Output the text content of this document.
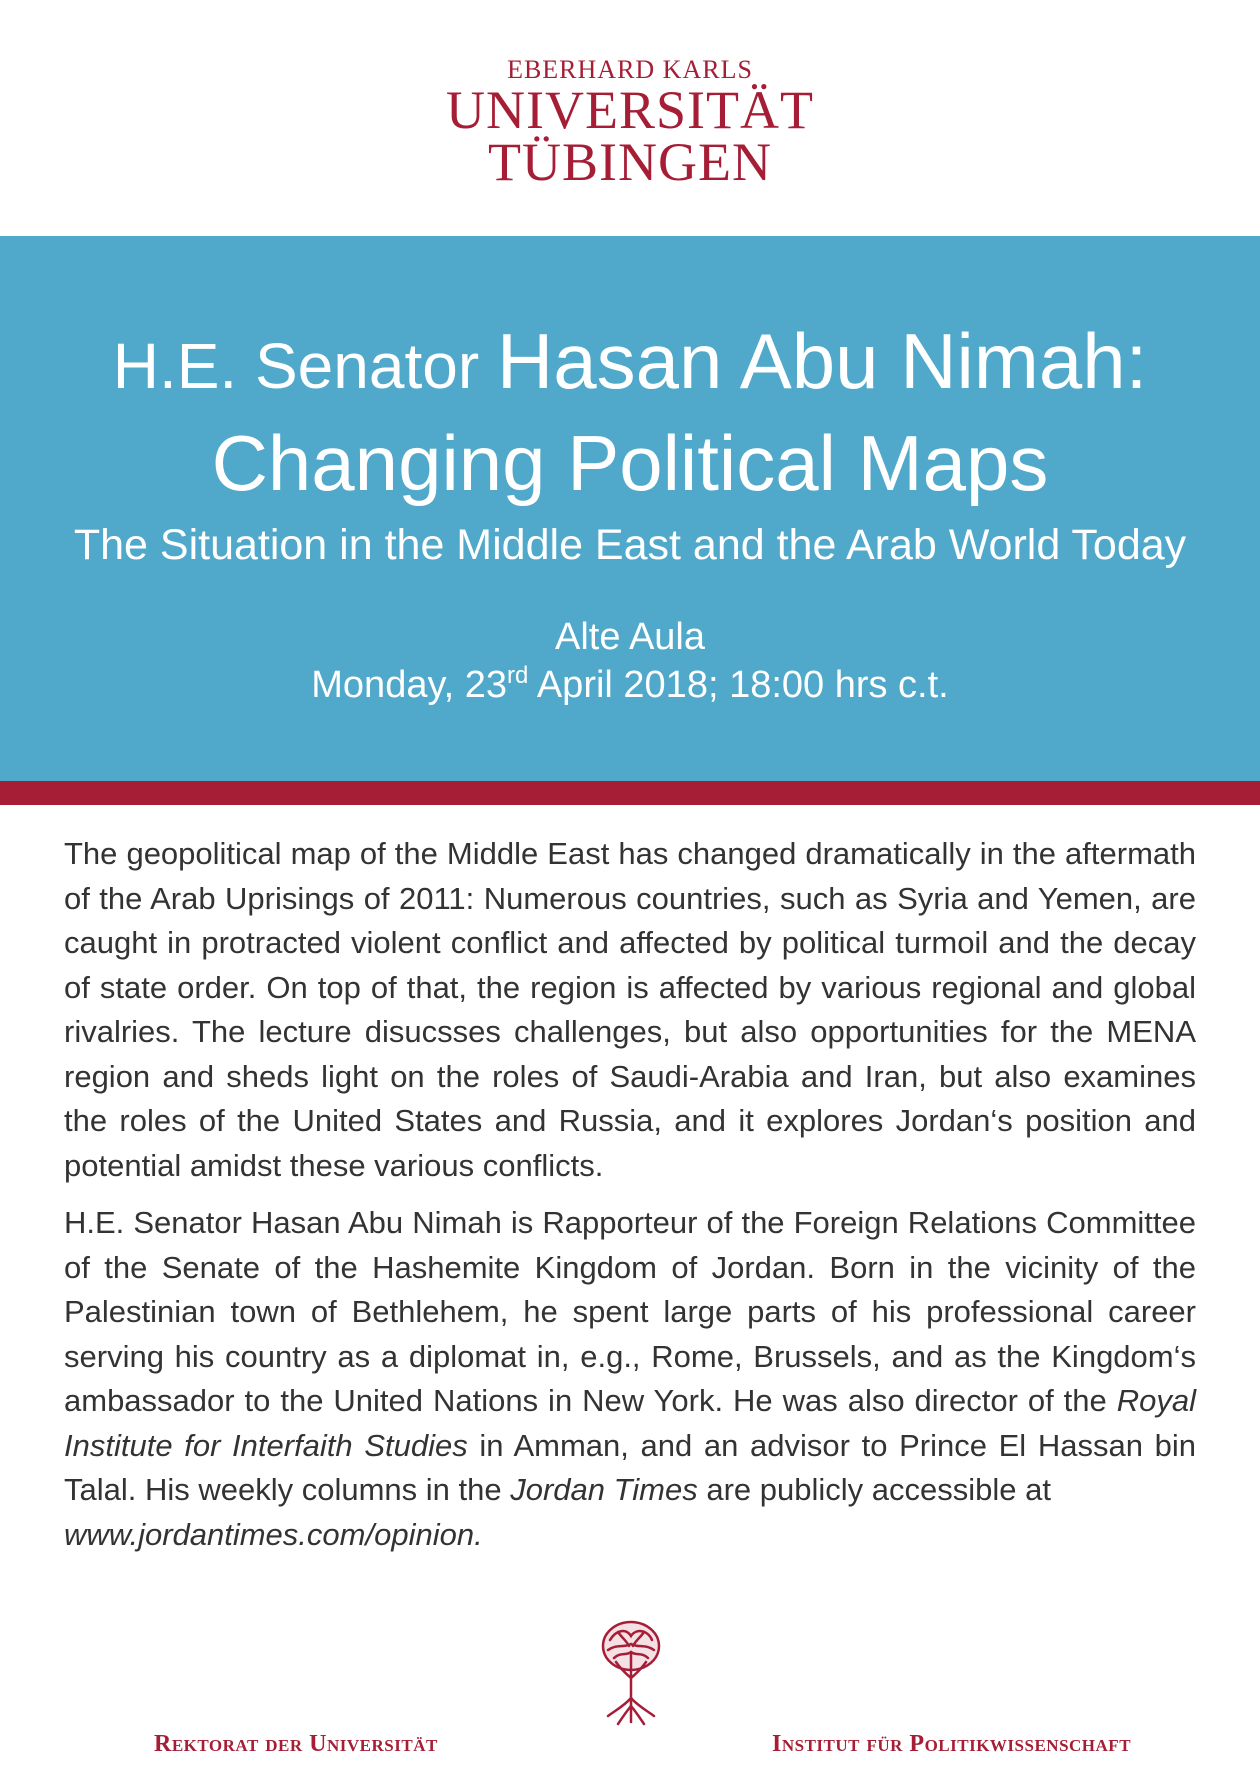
EBERHARD KARLS
UNIVERSITÄT
TÜBINGEN
H.E. Senator Hasan Abu Nimah:
Changing Political Maps
The Situation in the Middle East and the Arab World Today
Alte Aula
Monday, 23rd April 2018; 18:00 hrs c.t.

The geopolitical map of the Middle East has changed dramatically in the aftermath of the Arab Uprisings of 2011: Numerous countries, such as Syria and Yemen, are caught in protracted violent conflict and affected by political turmoil and the decay of state order. On top of that, the region is affected by various regional and global rivalries. The lecture disucsses challenges, but also opportunities for the MENA region and sheds light on the roles of Saudi-Arabia and Iran, but also examines the roles of the United States and Russia, and it explores Jordan‘s position and potential amidst these various conflicts.

H.E. Senator Hasan Abu Nimah is Rapporteur of the Foreign Relations Committee of the Senate of the Hashemite Kingdom of Jordan. Born in the vicinity of the Palestinian town of Bethlehem, he spent large parts of his professional career serving his country as a diplomat in, e.g., Rome, Brussels, and as the Kingdom‘s ambassador to the United Nations in New York. He was also director of the Royal Institute for Interfaith Studies in Amman, and an advisor to Prince El Hassan bin Talal. His weekly columns in the Jordan Times are publicly accessible at
www.jordantimes.com/opinion.

Rektorat der Universität	Institut für Politikwissenschaft
